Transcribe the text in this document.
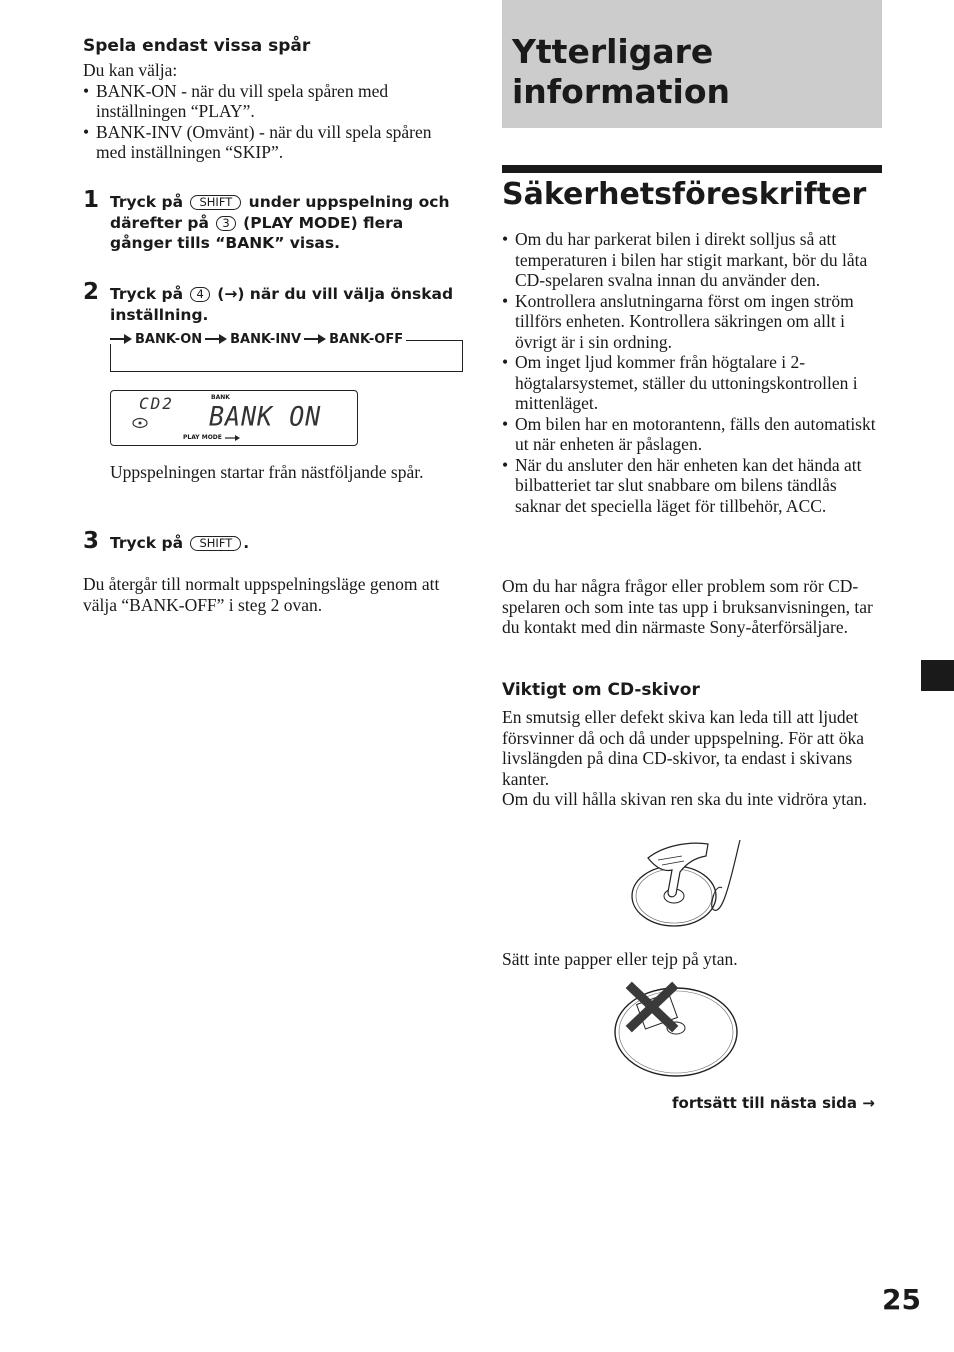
Spela endast vissa spår
Du kan välja:
• BANK-ON - när du vill spela spåren med inställningen “PLAY”.
• BANK-INV (Omvänt) - när du vill spela spåren med inställningen “SKIP”.
1 Tryck på SHIFT under uppspelning och därefter på 3 (PLAY MODE) flera gånger tills “BANK” visas.
2 Tryck på 4 (→) när du vill välja önskad inställning.
BANK-ON BANK-INV BANK-OFF
CD2	BANK
BANK ON
PLAY MODE
Uppspelningen startar från nästföljande spår.
3 Tryck på SHIFT .
Du återgår till normalt uppspelningsläge genom att välja “BANK-OFF” i steg 2 ovan.
Ytterligare information
Säkerhetsföreskrifter
• Om du har parkerat bilen i direkt solljus så att temperaturen i bilen har stigit markant, bör du låta CD-spelaren svalna innan du använder den.
• Kontrollera anslutningarna först om ingen ström tillförs enheten. Kontrollera säkringen om allt i övrigt är i sin ordning.
• Om inget ljud kommer från högtalare i 2-högtalarsystemet, ställer du uttoningskontrollen i mittenläget.
• Om bilen har en motorantenn, fälls den automatiskt ut när enheten är påslagen.
• När du ansluter den här enheten kan det hända att bilbatteriet tar slut snabbare om bilens tändlås saknar det speciella läget för tillbehör, ACC.
Om du har några frågor eller problem som rör CD-spelaren och som inte tas upp i bruksanvisningen, tar du kontakt med din närmaste Sony-återförsäljare.
Viktigt om CD-skivor
En smutsig eller defekt skiva kan leda till att ljudet försvinner då och då under uppspelning. För att öka livslängden på dina CD-skivor, ta endast i skivans kanter.
Om du vill hålla skivan ren ska du inte vidröra ytan.
Sätt inte papper eller tejp på ytan.
fortsätt till nästa sida →
25
